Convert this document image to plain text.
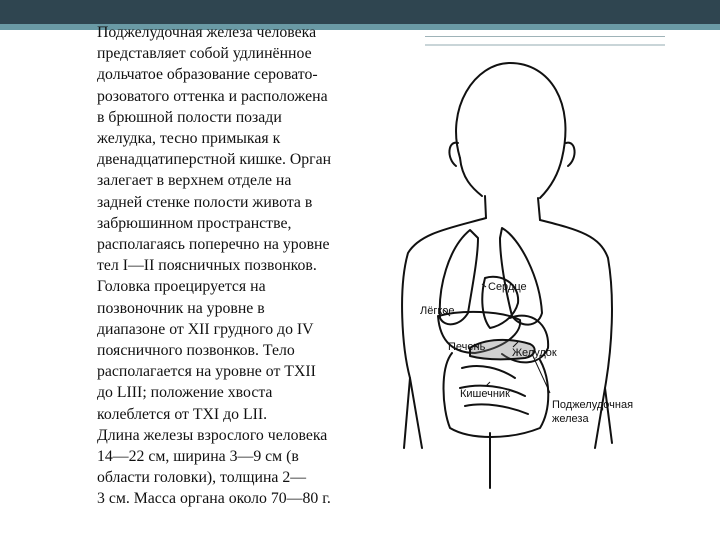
Поджелудочная железа человека
представляет собой удлинённое
дольчатое образование серовато-
розоватого оттенка и расположена
в брюшной полости позади
желудка, тесно примыкая к
двенадцатиперстной кишке. Орган
залегает в верхнем отделе на
задней стенке полости живота в
забрюшинном пространстве,
располагаясь поперечно на уровне
тел I—II поясничных позвонков.
Головка проецируется на
позвоночник на уровне в
диапазоне от XII грудного до IV
поясничного позвонков. Тело
располагается на уровне от ТХII
до LIII; положение хвоста
колеблется от ТХI до LII.
Длина железы взрослого человека
14—22 см, ширина 3—9 см (в
области головки), толщина 2—
3 см. Масса органа около 70—80 г.
Сердце
Лёгкое
Печень Желудок
Кишечник
Поджелудочная
железа
